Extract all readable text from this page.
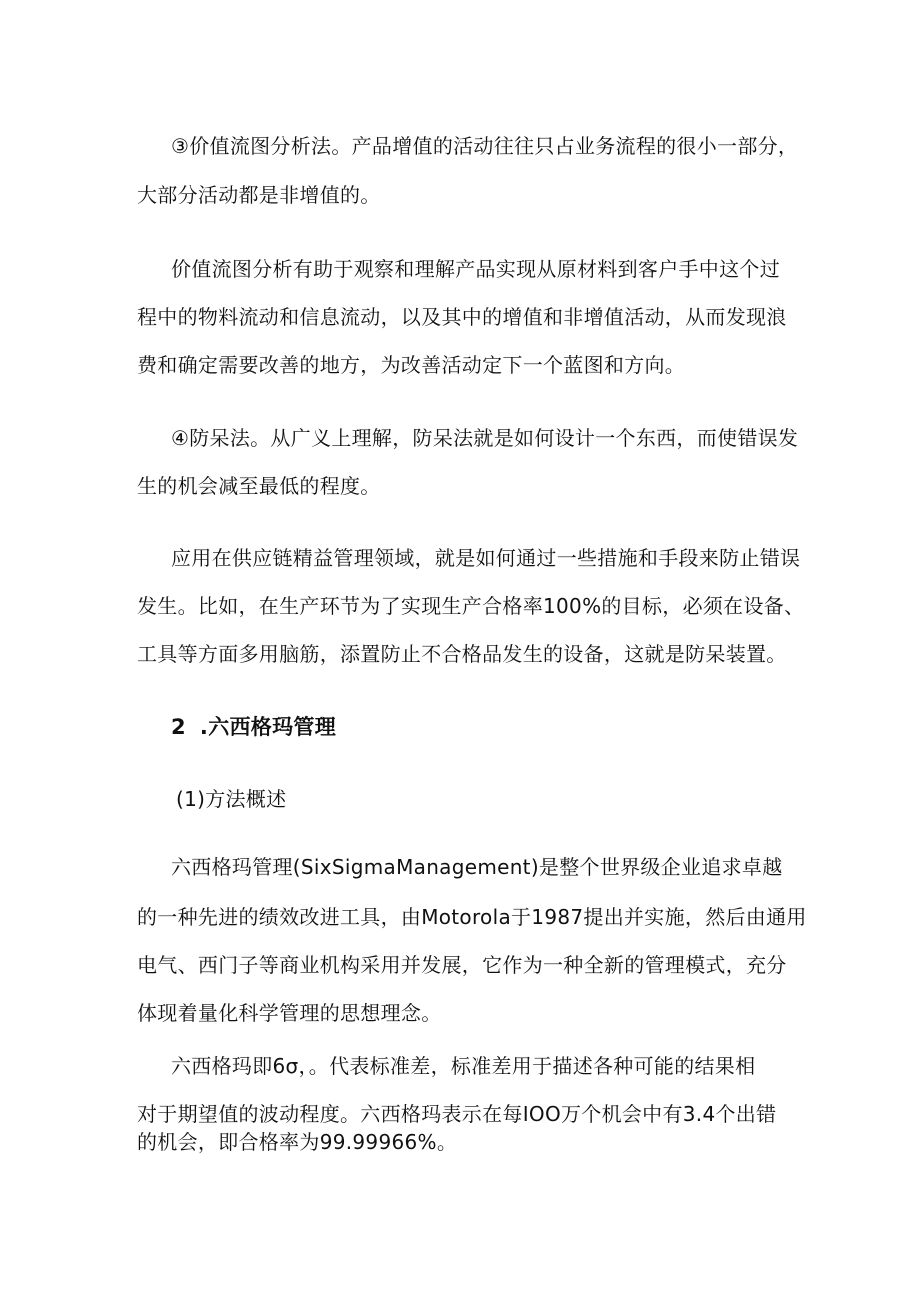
③价值流图分析法。产品增值的活动往往只占业务流程的很小一部分，

大部分活动都是非增值的。

价值流图分析有助于观察和理解产品实现从原材料到客户手中这个过

程中的物料流动和信息流动，以及其中的增值和非增值活动，从而发现浪

费和确定需要改善的地方，为改善活动定下一个蓝图和方向。

④防呆法。从广义上理解，防呆法就是如何设计一个东西，而使错误发

生的机会减至最低的程度。

应用在供应链精益管理领域，就是如何通过一些措施和手段来防止错误

发生。比如，在生产环节为了实现生产合格率100%的目标，必须在设备、

工具等方面多用脑筋，添置防止不合格品发生的设备，这就是防呆装置。

2 .六西格玛管理

(1)方法概述

六西格玛管理(SixSigmaManagement)是整个世界级企业追求卓越

的一种先进的绩效改进工具，由Motorola于1987提出并实施，然后由通用

电气、西门子等商业机构采用并发展，它作为一种全新的管理模式，充分

体现着量化科学管理的思想理念。

六西格玛即6σ，。代表标准差，标准差用于描述各种可能的结果相

对于期望值的波动程度。六西格玛表示在每IOO万个机会中有3.4个出错

的机会，即合格率为99.99966%。
